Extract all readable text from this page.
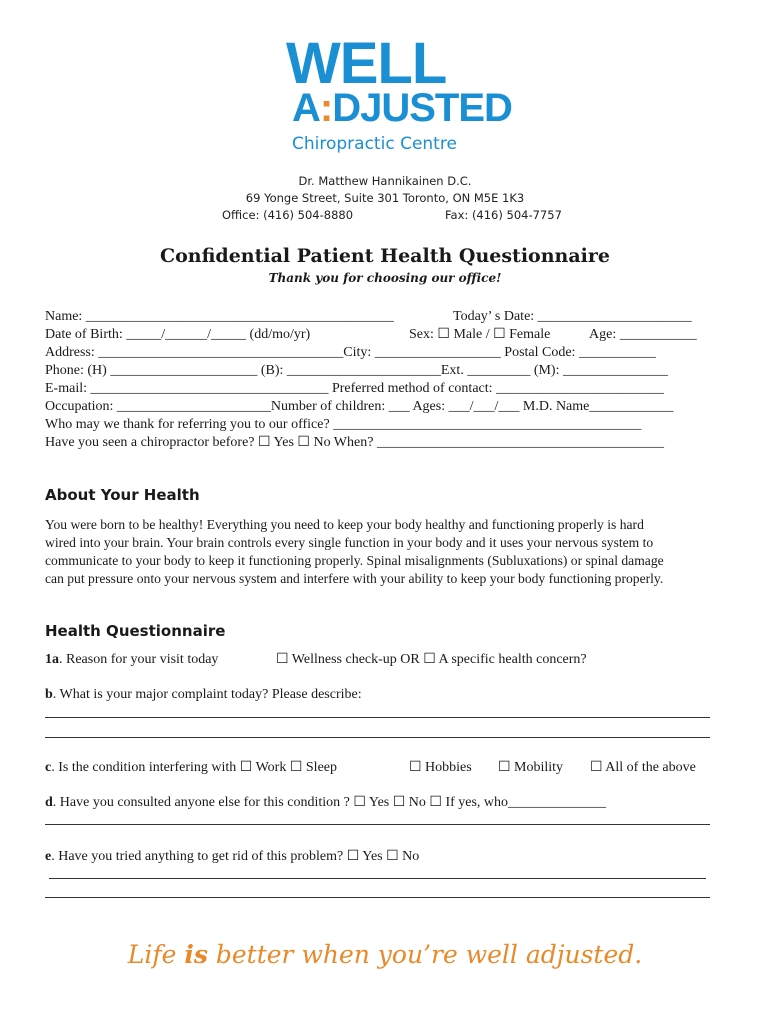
WELL
A:DJUSTED
Chiropractic Centre
Dr. Matthew Hannikainen D.C.
69 Yonge Street, Suite 301 Toronto, ON M5E 1K3
Office: (416) 504-8880	Fax: (416) 504-7757
Confidential Patient Health Questionnaire
Thank you for choosing our office!
Name: ____________________________________________	Today’ s Date: ______________________
Date of Birth: _____/______/_____ (dd/mo/yr)	Sex: ☐ Male / ☐ Female	Age: ___________
Address: ___________________________________City: __________________ Postal Code: ___________
Phone: (H) _____________________ (B): ______________________Ext. _________ (M): _______________
E-mail: __________________________________ Preferred method of contact: ________________________
Occupation: ______________________Number of children: ___ Ages: ___/___/___ M.D. Name____________
Who may we thank for referring you to our office? ____________________________________________
Have you seen a chiropractor before? ☐ Yes ☐ No When? _________________________________________
About Your Health
You were born to be healthy! Everything you need to keep your body healthy and functioning properly is hard
wired into your brain. Your brain controls every single function in your body and it uses your nervous system to
communicate to your body to keep it functioning properly. Spinal misalignments (Subluxations) or spinal damage
can put pressure onto your nervous system and interfere with your ability to keep your body functioning properly.
Health Questionnaire
1a. Reason for your visit today	☐ Wellness check-up OR ☐ A specific health concern?
b. What is your major complaint today? Please describe:
c. Is the condition interfering with ☐ Work ☐ Sleep	☐ Hobbies ☐ Mobility ☐ All of the above
d. Have you consulted anyone else for this condition ? ☐ Yes ☐ No ☐ If yes, who______________
e. Have you tried anything to get rid of this problem? ☐ Yes ☐ No
Life is better when you’re well adjusted.
